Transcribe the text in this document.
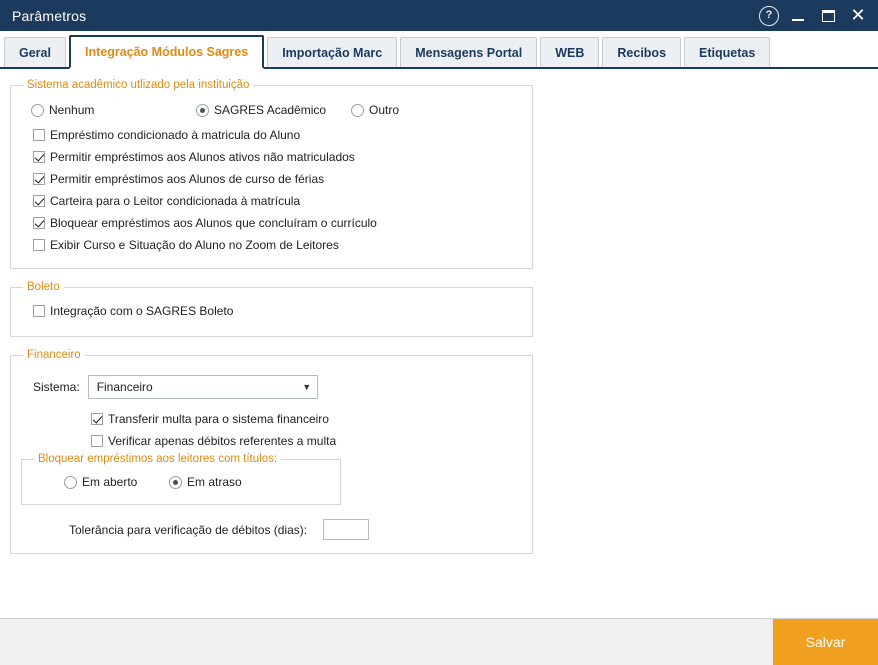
Parâmetros	?	✕
Geral	Integração Módulos Sagres	Importação Marc	Mensagens Portal	WEB	Recibos	Etiquetas
Sistema acadêmico utlizado pela instituição
Nenhum	SAGRES Acadêmico	Outro
Empréstimo condicionado à matricula do Aluno
Permitir empréstimos aos Alunos ativos não matriculados
Permitir empréstimos aos Alunos de curso de férias
Carteira para o Leitor condicionada à matrícula
Bloquear empréstimos aos Alunos que concluíram o currículo
Exibir Curso e Situação do Aluno no Zoom de Leitores
Boleto
Integração com o SAGRES Boleto
Financeiro
Sistema:	Financeiro	▼
Transferir multa para o sistema financeiro
Verificar apenas débitos referentes a multa
Bloquear empréstimos aos leitores com títulos:
Em aberto	Em atraso
Tolerância para verificação de débitos (dias):
Salvar
